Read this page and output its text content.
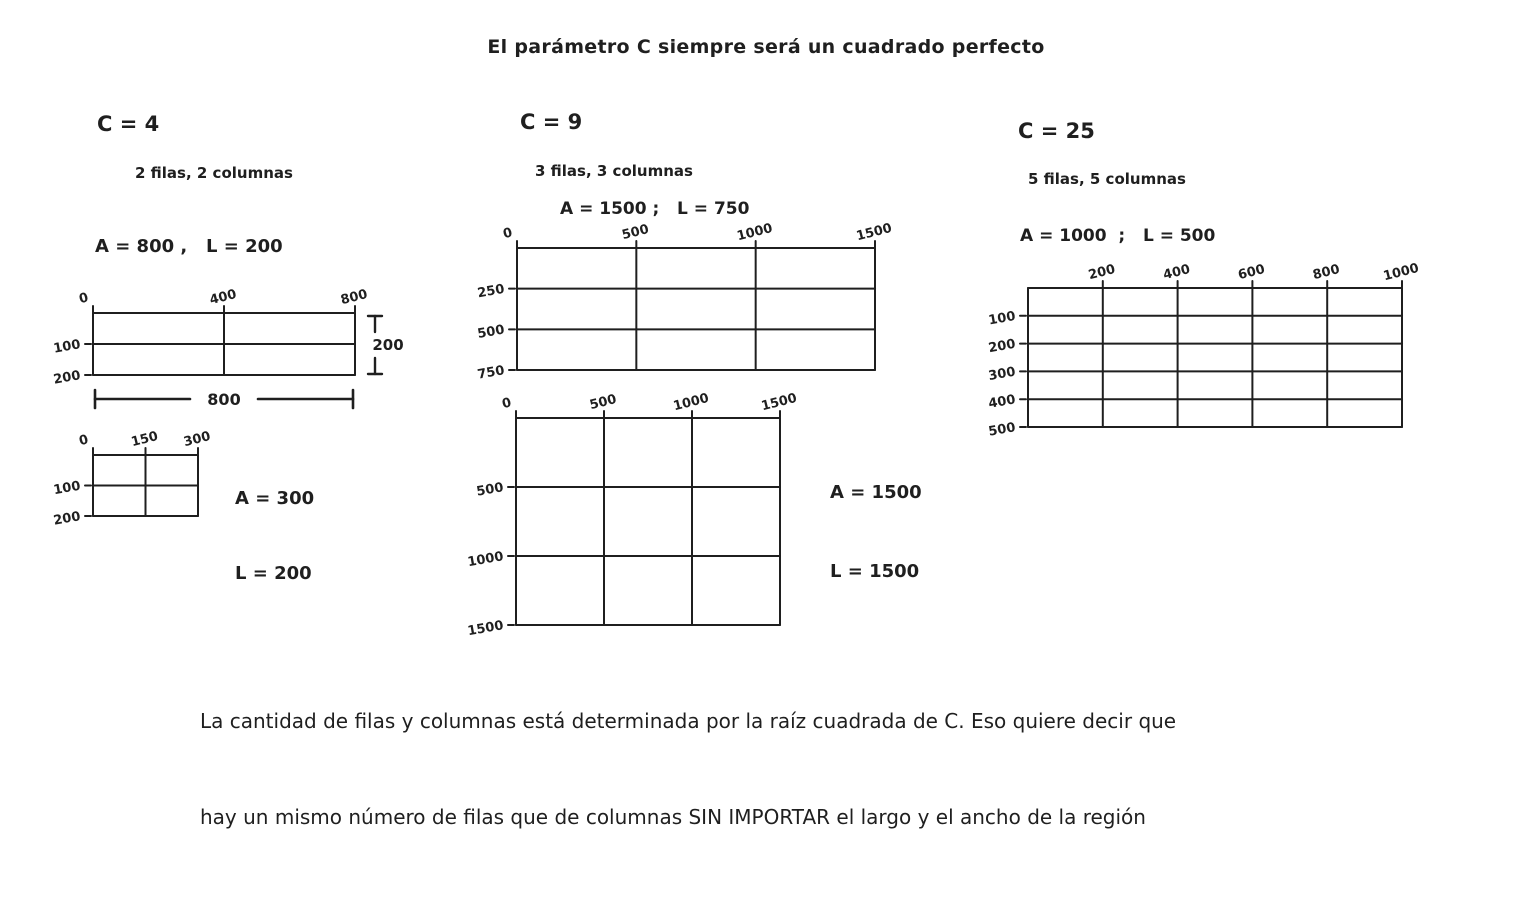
El parámetro C siempre será un cuadrado perfecto
C = 4
2 filas, 2 columnas
A = 800 ,   L = 200
0	400	800
100
200
200
800
0	150 300
100
200

A = 300

L = 200

C = 9
3 filas, 3 columnas
A = 1500 ;   L = 750
0	500	1000	1500
250
500
750
0	500	1000	1500
500
1000
1500

A = 1500

L = 1500

C = 25
5 filas, 5 columnas
A = 1000  ;   L = 500
200	400	600	800	1000
100
200
300
400
500

La cantidad de filas y columnas está determinada por la raíz cuadrada de C. Eso quiere decir que

hay un mismo número de filas que de columnas SIN IMPORTAR el largo y el ancho de la región
